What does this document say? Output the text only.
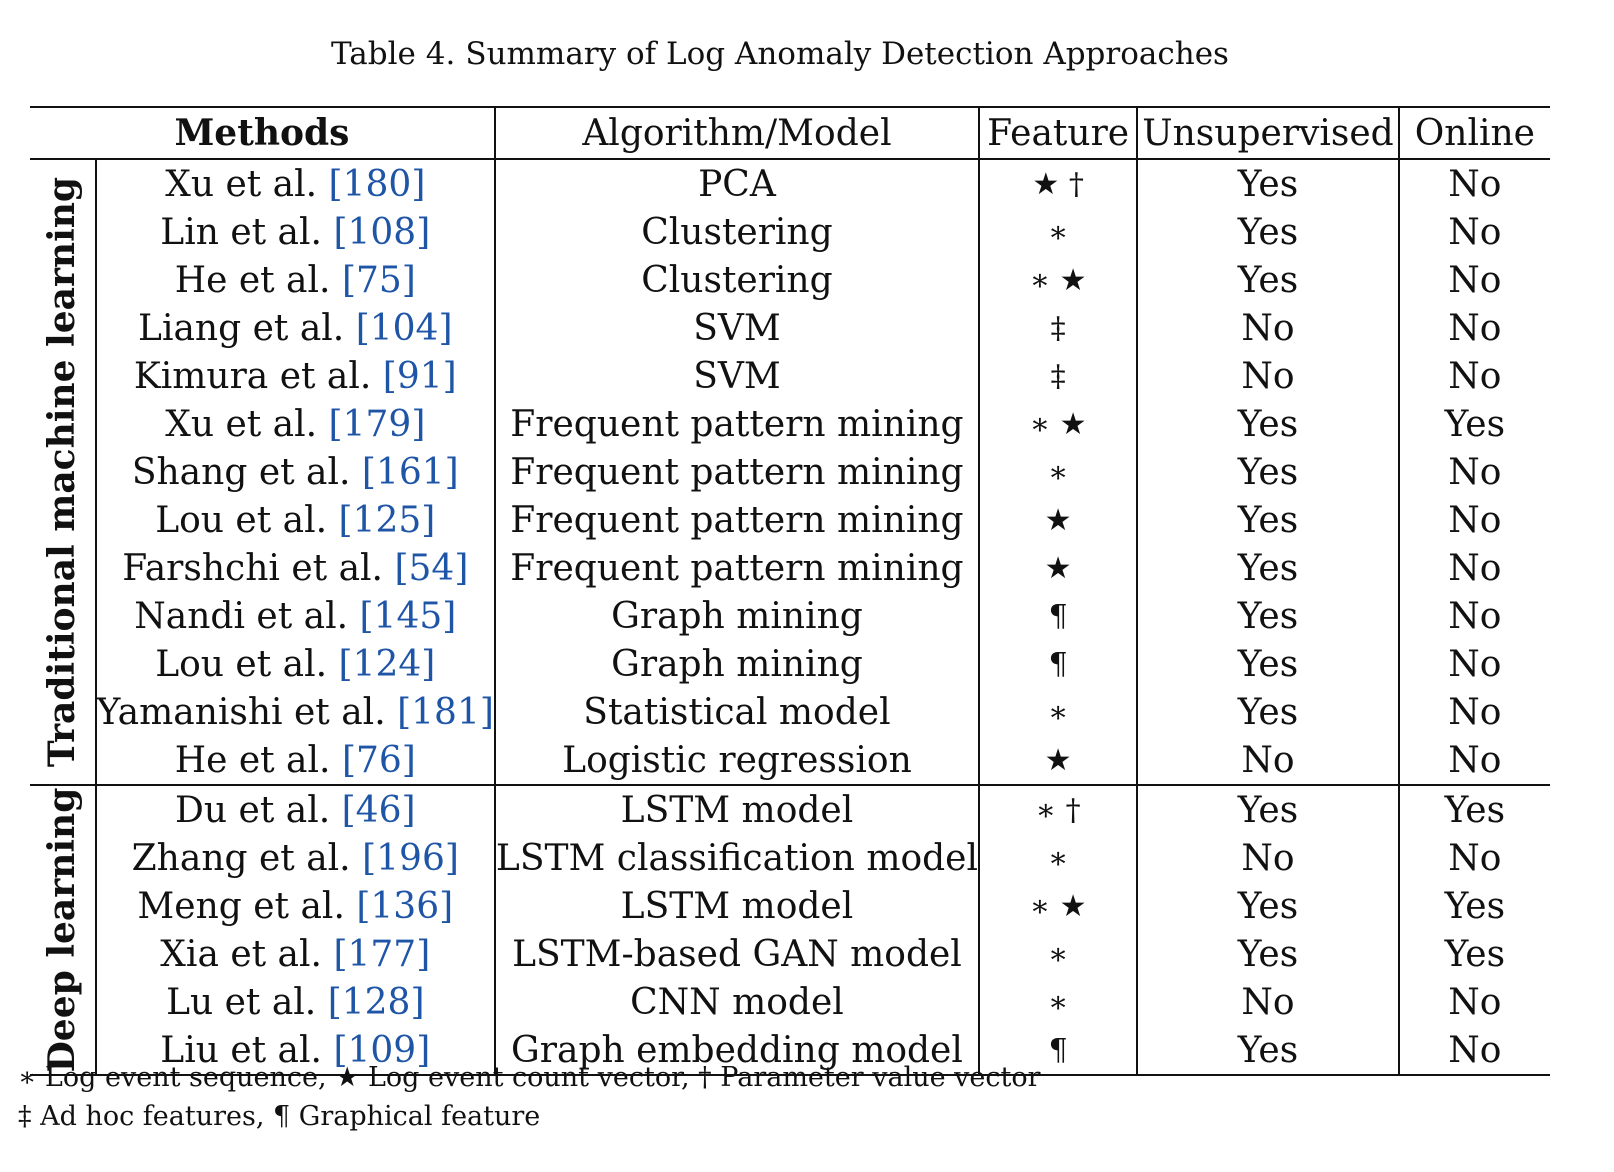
Table 4. Summary of Log Anomaly Detection Approaches
Methods		Algorithm/Model	Feature	Unsupervised	Online

Traditional machine learning	Xu et al. [180]	PCA	★ †	Yes	No
	Lin et al. [108]	Clustering	∗	Yes	No
	He et al. [75]	Clustering	∗ ★	Yes	No
	Liang et al. [104]	SVM	‡	No	No
	Kimura et al. [91]	SVM	‡	No	No
	Xu et al. [179]	Frequent pattern mining	∗ ★	Yes	Yes
	Shang et al. [161]	Frequent pattern mining	∗	Yes	No
	Lou et al. [125]	Frequent pattern mining	★	Yes	No
	Farshchi et al. [54]	Frequent pattern mining	★	Yes	No
	Nandi et al. [145]	Graph mining	¶	Yes	No
	Lou et al. [124]	Graph mining	¶	Yes	No
	Yamanishi et al. [181]	Statistical model	∗	Yes	No
	He et al. [76]	Logistic regression	★	No	No

Deep learning	Du et al. [46]	LSTM model	∗ †	Yes	Yes
	Zhang et al. [196]	LSTM classification model	∗	No	No
	Meng et al. [136]	LSTM model	∗ ★	Yes	Yes
	Xia et al. [177]	LSTM-based GAN model	∗	Yes	Yes
	Lu et al. [128]	CNN model	∗	No	No
	Liu et al. [109]	Graph embedding model	¶	Yes	No
∗ Log event sequence, ★ Log event count vector, † Parameter value vector
‡ Ad hoc features, ¶ Graphical feature
